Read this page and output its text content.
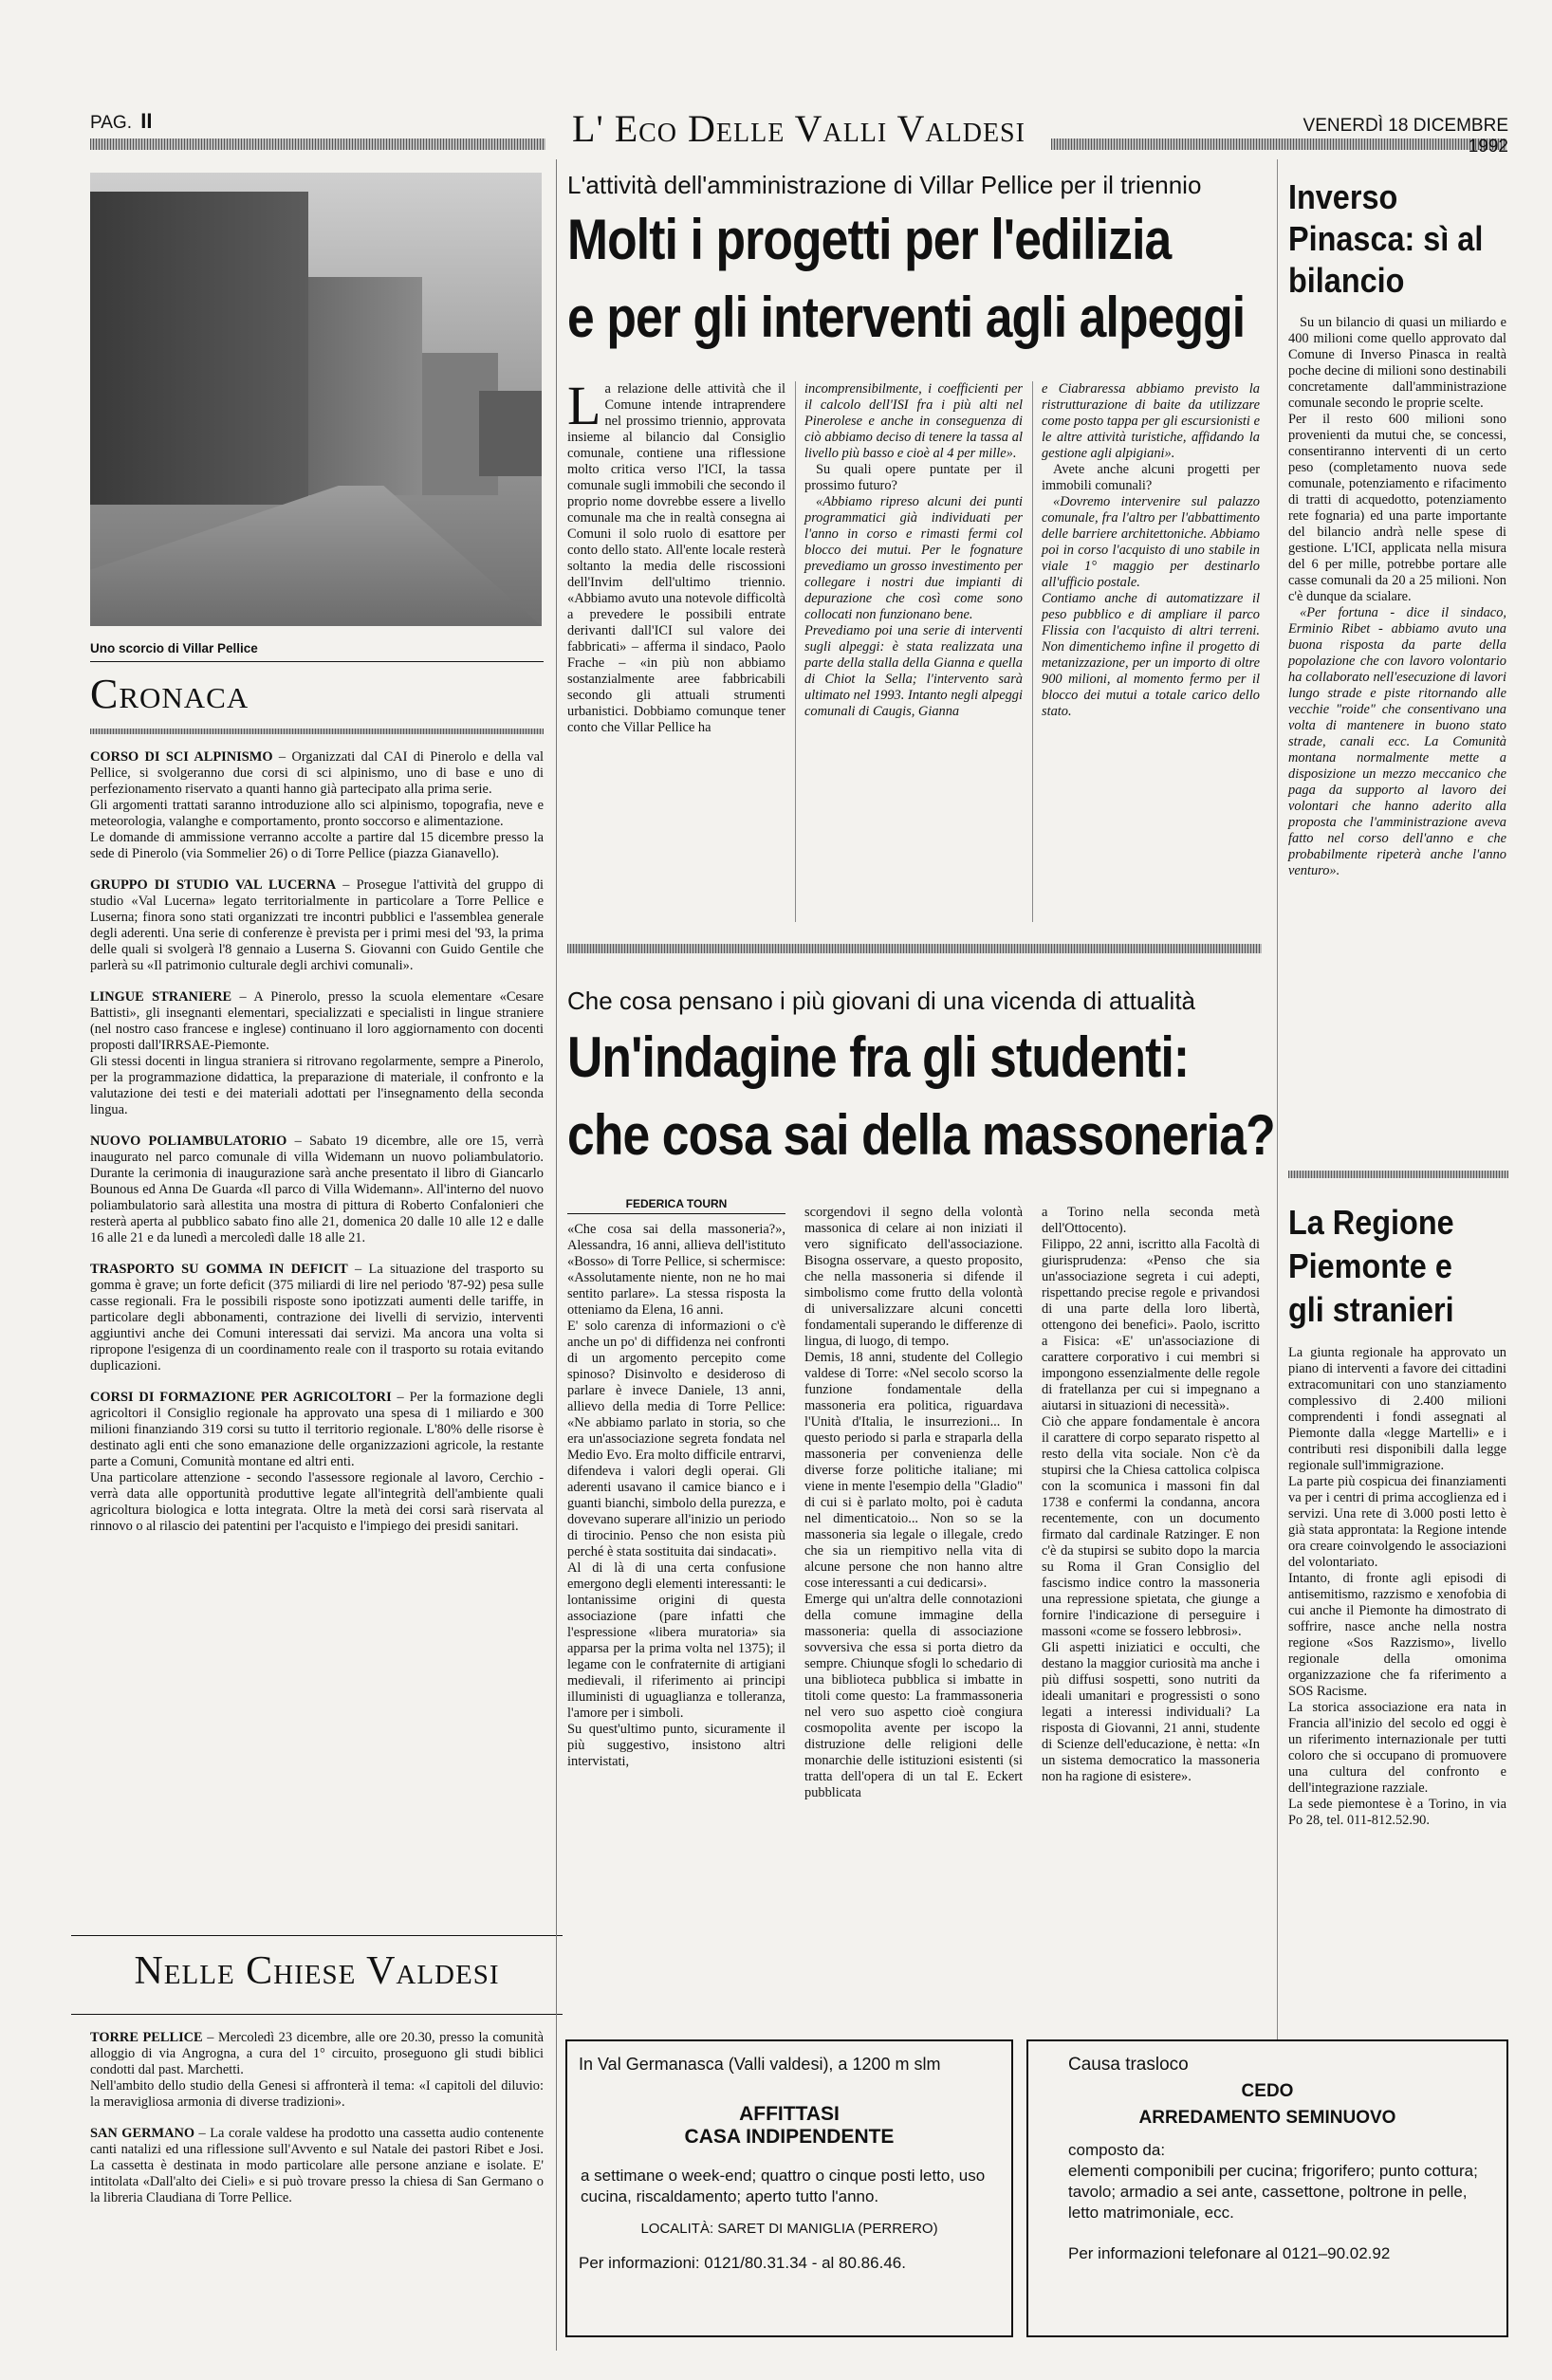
PAG. II	L' Eco Delle Valli Valdesi	VENERDÌ 18 DICEMBRE 1992
Uno scorcio di Villar Pellice
Cronaca

CORSO DI SCI ALPINISMO – Organizzati dal CAI di Pinerolo e della val Pellice, si svolgeranno due corsi di sci alpinismo, uno di base e uno di perfezionamento riservato a quanti hanno già partecipato alla prima serie.
Gli argomenti trattati saranno introduzione allo sci alpinismo, topografia, neve e meteorologia, valanghe e comportamento, pronto soccorso e alimentazione.
Le domande di ammissione verranno accolte a partire dal 15 dicembre presso la sede di Pinerolo (via Sommelier 26) o di Torre Pellice (piazza Gianavello).

GRUPPO DI STUDIO VAL LUCERNA – Prosegue l'attività del gruppo di studio «Val Lucerna» legato territorialmente in particolare a Torre Pellice e Luserna; finora sono stati organizzati tre incontri pubblici e l'assemblea generale degli aderenti. Una serie di conferenze è prevista per i primi mesi del '93, la prima delle quali si svolgerà l'8 gennaio a Luserna S. Giovanni con Guido Gentile che parlerà su «Il patrimonio culturale degli archivi comunali».

LINGUE STRANIERE – A Pinerolo, presso la scuola elementare «Cesare Battisti», gli insegnanti elementari, specializzati e specialisti in lingue straniere (nel nostro caso francese e inglese) continuano il loro aggiornamento con docenti proposti dall'IRRSAE-Piemonte.
Gli stessi docenti in lingua straniera si ritrovano regolarmente, sempre a Pinerolo, per la programmazione didattica, la preparazione di materiale, il confronto e la valutazione dei testi e dei materiali adottati per l'insegnamento della seconda lingua.

NUOVO POLIAMBULATORIO – Sabato 19 dicembre, alle ore 15, verrà inaugurato nel parco comunale di villa Widemann un nuovo poliambulatorio. Durante la cerimonia di inaugurazione sarà anche presentato il libro di Giancarlo Bounous ed Anna De Guarda «Il parco di Villa Widemann». All'interno del nuovo poliambulatorio sarà allestita una mostra di pittura di Roberto Confalonieri che resterà aperta al pubblico sabato fino alle 21, domenica 20 dalle 10 alle 12 e dalle 16 alle 21 e da lunedì a mercoledì dalle 18 alle 21.

TRASPORTO SU GOMMA IN DEFICIT – La situazione del trasporto su gomma è grave; un forte deficit (375 miliardi di lire nel periodo '87-92) pesa sulle casse regionali. Fra le possibili risposte sono ipotizzati aumenti delle tariffe, in particolare degli abbonamenti, contrazione dei livelli di servizio, interventi aggiuntivi anche dei Comuni interessati dai servizi. Ma ancora una volta si ripropone l'esigenza di un coordinamento reale con il trasporto su rotaia evitando duplicazioni.

CORSI DI FORMAZIONE PER AGRICOLTORI – Per la formazione degli agricoltori il Consiglio regionale ha approvato una spesa di 1 miliardo e 300 milioni finanziando 319 corsi su tutto il territorio regionale. L'80% delle risorse è destinato agli enti che sono emanazione delle organizzazioni agricole, la restante parte a Comuni, Comunità montane ed altri enti.
Una particolare attenzione - secondo l'assessore regionale al lavoro, Cerchio - verrà data alle opportunità produttive legate all'integrità dell'ambiente quali agricoltura biologica e lotta integrata. Oltre la metà dei corsi sarà riservata al rinnovo o al rilascio dei patentini per l'acquisto e l'impiego dei presidi sanitari.

Nelle Chiese Valdesi

TORRE PELLICE – Mercoledì 23 dicembre, alle ore 20.30, presso la comunità alloggio di via Angrogna, a cura del 1° circuito, proseguono gli studi biblici condotti dal past. Marchetti.
Nell'ambito dello studio della Genesi si affronterà il tema: «I capitoli del diluvio: la meravigliosa armonia di diverse tradizioni».

SAN GERMANO – La corale valdese ha prodotto una cassetta audio contenente canti natalizi ed una riflessione sull'Avvento e sul Natale dei pastori Ribet e Josi. La cassetta è destinata in modo particolare alle persone anziane e isolate. E' intitolata «Dall'alto dei Cieli» e si può trovare presso la chiesa di San Germano o la libreria Claudiana di Torre Pellice.

L'attività dell'amministrazione di Villar Pellice per il triennio
Molti i progetti per l'edilizia
e per gli interventi agli alpeggi

La relazione delle attività che il Comune intende intraprendere nel prossimo triennio, approvata insieme al bilancio dal Consiglio comunale, contiene una riflessione molto critica verso l'ICI, la tassa comunale sugli immobili che secondo il proprio nome dovrebbe essere a livello comunale ma che in realtà consegna ai Comuni il solo ruolo di esattore per conto dello stato. All'ente locale resterà soltanto la media delle riscossioni dell'Invim dell'ultimo triennio. «Abbiamo avuto una notevole difficoltà a prevedere le possibili entrate derivanti dall'ICI sul valore dei fabbricati» – afferma il sindaco, Paolo Frache – «in più non abbiamo sostanzialmente aree fabbricabili secondo gli attuali strumenti urbanistici. Dobbiamo comunque tener conto che Villar Pellice ha

incomprensibilmente, i coefficienti per il calcolo dell'ISI fra i più alti nel Pinerolese e anche in conseguenza di ciò abbiamo deciso di tenere la tassa al livello più basso e cioè al 4 per mille».

Su quali opere puntate per il prossimo futuro?

«Abbiamo ripreso alcuni dei punti programmatici già individuati per l'anno in corso e rimasti fermi col blocco dei mutui. Per le fognature prevediamo un grosso investimento per collegare i nostri due impianti di depurazione che così come sono collocati non funzionano bene.
Prevediamo poi una serie di interventi sugli alpeggi: è stata realizzata una parte della stalla della Gianna e quella di Chiot la Sella; l'intervento sarà ultimato nel 1993. Intanto negli alpeggi comunali di Caugis, Gianna

e Ciabraressa abbiamo previsto la ristrutturazione di baite da utilizzare come posto tappa per gli escursionisti e le altre attività turistiche, affidando la gestione agli alpigiani».

Avete anche alcuni progetti per immobili comunali?

«Dovremo intervenire sul palazzo comunale, fra l'altro per l'abbattimento delle barriere architettoniche. Abbiamo poi in corso l'acquisto di uno stabile in viale 1° maggio per destinarlo all'ufficio postale.
Contiamo anche di automatizzare il peso pubblico e di ampliare il parco Flissia con l'acquisto di altri terreni. Non dimentichemo infine il progetto di metanizzazione, per un importo di oltre 900 milioni, al momento fermo per il blocco dei mutui a totale carico dello stato.

Che cosa pensano i più giovani di una vicenda di attualità
Un'indagine fra gli studenti:
che cosa sai della massoneria?
FEDERICA TOURN

«Che cosa sai della massoneria?», Alessandra, 16 anni, allieva dell'istituto «Bosso» di Torre Pellice, si schermisce: «Assolutamente niente, non ne ho mai sentito parlare». La stessa risposta la otteniamo da Elena, 16 anni.
E' solo carenza di informazioni o c'è anche un po' di diffidenza nei confronti di un argomento percepito come spinoso? Disinvolto e desideroso di parlare è invece Daniele, 13 anni, allievo della media di Torre Pellice: «Ne abbiamo parlato in storia, so che era un'associazione segreta fondata nel Medio Evo. Era molto difficile entrarvi, difendeva i valori degli operai. Gli aderenti usavano il camice bianco e i guanti bianchi, simbolo della purezza, e dovevano superare all'inizio un periodo di tirocinio. Penso che non esista più perché è stata sostituita dai sindacati».
Al di là di una certa confusione emergono degli elementi interessanti: le lontanissime origini di questa associazione (pare infatti che l'espressione «libera muratoria» sia apparsa per la prima volta nel 1375); il legame con le confraternite di artigiani medievali, il riferimento ai principi illuministi di uguaglianza e tolleranza, l'amore per i simboli.
Su quest'ultimo punto, sicuramente il più suggestivo, insistono altri intervistati,

scorgendovi il segno della volontà massonica di celare ai non iniziati il vero significato dell'associazione. Bisogna osservare, a questo proposito, che nella massoneria si difende il simbolismo come frutto della volontà di universalizzare alcuni concetti fondamentali superando le differenze di lingua, di luogo, di tempo.
Demis, 18 anni, studente del Collegio valdese di Torre: «Nel secolo scorso la funzione fondamentale della massoneria era politica, riguardava l'Unità d'Italia, le insurrezioni... In questo periodo si parla e straparla della massoneria per convenienza delle diverse forze politiche italiane; mi viene in mente l'esempio della "Gladio" di cui si è parlato molto, poi è caduta nel dimenticatoio... Non so se la massoneria sia legale o illegale, credo che sia un riempitivo nella vita di alcune persone che non hanno altre cose interessanti a cui dedicarsi».
Emerge qui un'altra delle connotazioni della comune immagine della massoneria: quella di associazione sovversiva che essa si porta dietro da sempre. Chiunque sfogli lo schedario di una biblioteca pubblica si imbatte in titoli come questo: La frammassoneria nel vero suo aspetto cioè congiura cosmopolita avente per iscopo la distruzione delle religioni delle monarchie delle istituzioni esistenti (si tratta dell'opera di un tal E. Eckert pubblicata

a Torino nella seconda metà dell'Ottocento).
Filippo, 22 anni, iscritto alla Facoltà di giurisprudenza: «Penso che sia un'associazione segreta i cui adepti, rispettando precise regole e privandosi di una parte della loro libertà, ottengono dei benefici». Paolo, iscritto a Fisica: «E' un'associazione di carattere corporativo i cui membri si impongono essenzialmente delle regole di fratellanza per cui si impegnano a aiutarsi in situazioni di necessità».
Ciò che appare fondamentale è ancora il carattere di corpo separato rispetto al resto della vita sociale. Non c'è da stupirsi che la Chiesa cattolica colpisca con la scomunica i massoni fin dal 1738 e confermi la condanna, ancora recentemente, con un documento firmato dal cardinale Ratzinger. E non c'è da stupirsi se subito dopo la marcia su Roma il Gran Consiglio del fascismo indice contro la massoneria una repressione spietata, che giunge a fornire l'indicazione di perseguire i massoni «come se fossero lebbrosi».
Gli aspetti iniziatici e occulti, che destano la maggior curiosità ma anche i più diffusi sospetti, sono nutriti da ideali umanitari e progressisti o sono legati a interessi individuali? La risposta di Giovanni, 21 anni, studente di Scienze dell'educazione, è netta: «In un sistema democratico la massoneria non ha ragione di esistere».

Inverso Pinasca: sì al bilancio

Su un bilancio di quasi un miliardo e 400 milioni come quello approvato dal Comune di Inverso Pinasca in realtà poche decine di milioni sono destinabili concretamente dall'amministrazione comunale secondo le proprie scelte.
Per il resto 600 milioni sono provenienti da mutui che, se concessi, consentiranno interventi di un certo peso (completamento nuova sede comunale, potenziamento e rifacimento di tratti di acquedotto, potenziamento rete fognaria) ed una parte importante del bilancio andrà nelle spese di gestione. L'ICI, applicata nella misura del 6 per mille, potrebbe portare alle casse comunali da 20 a 25 milioni. Non c'è dunque da scialare.

«Per fortuna - dice il sindaco, Erminio Ribet - abbiamo avuto una buona risposta da parte della popolazione che con lavoro volontario ha collaborato nell'esecuzione di lavori lungo strade e piste ritornando alle vecchie "roide" che consentivano una volta di mantenere in buono stato strade, canali ecc. La Comunità montana normalmente mette a disposizione un mezzo meccanico che paga da supporto al lavoro dei volontari che hanno aderito alla proposta che l'amministrazione aveva fatto nel corso dell'anno e che probabilmente ripeterà anche l'anno venturo».

La Regione Piemonte e gli stranieri

La giunta regionale ha approvato un piano di interventi a favore dei cittadini extracomunitari con uno stanziamento complessivo di 2.400 milioni comprendenti i fondi assegnati al Piemonte dalla «legge Martelli» e i contributi resi disponibili dalla legge regionale sull'immigrazione.
La parte più cospicua dei finanziamenti va per i centri di prima accoglienza ed i servizi. Una rete di 3.000 posti letto è già stata approntata: la Regione intende ora creare coinvolgendo le associazioni del volontariato.
Intanto, di fronte agli episodi di antisemitismo, razzismo e xenofobia di cui anche il Piemonte ha dimostrato di soffrire, nasce anche nella nostra regione «Sos Razzismo», livello regionale della omonima organizzazione che fa riferimento a SOS Racisme.
La storica associazione era nata in Francia all'inizio del secolo ed oggi è un riferimento internazionale per tutti coloro che si occupano di promuovere una cultura del confronto e dell'integrazione razziale.
La sede piemontese è a Torino, in via Po 28, tel. 011-812.52.90.

In Val Germanasca (Valli valdesi), a 1200 m slm
AFFITTASI
CASA INDIPENDENTE
a settimane o week-end; quattro o cinque posti letto, uso cucina, riscaldamento; aperto tutto l'anno.
LOCALITÀ: SARET DI MANIGLIA (PERRERO)
Per informazioni: 0121/80.31.34 - al 80.86.46.
Causa trasloco
CEDO
ARREDAMENTO SEMINUOVO
composto da:
elementi componibili per cucina; frigorifero; punto cottura; tavolo; armadio a sei ante, cassettone, poltrone in pelle, letto matrimoniale, ecc.
Per informazioni telefonare al 0121–90.02.92
